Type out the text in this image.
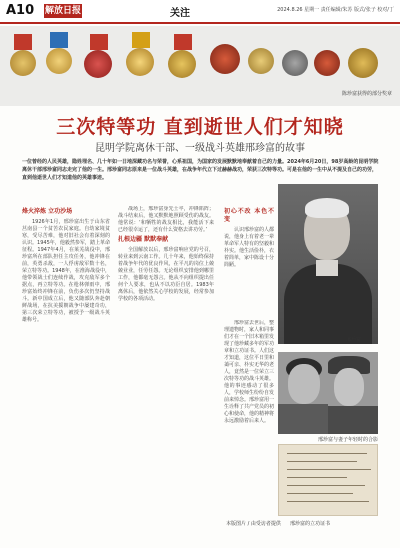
A10 解放日报	关注	2024.8.26 星期一 责任编辑/朱苏 版式/张子 校对/丁
陈珍富获得的部分奖章
三次特等功 直到逝世人们才知晓
昆明学院离休干部、一级战斗英雄邢珍富的故事
一位曾经的人民英雄，隐姓埋名、几十年如一日地深藏功名与荣誉，心系祖国，为国家的发展默默地奉献着自己的力量。2024年6月20日，98岁高龄的昆明学院离休干部邢珍富同志走完了他的一生。邢珍富同志原来是一位战斗英雄，在战争年代立下过赫赫战功，荣获三次特等功。可是在他的一生中从不提及自己的功劳，直到他逝世人们才知道他的英雄事迹。
烽火淬炼 立功沙场

1926年1月，邢珍富出生于山东省莒南县一个贫苦农民家庭。自幼家境贫寒，受尽苦难，他对旧社会有着深刻的认识。1945年，他毅然参军，踏上革命征程。1947年4月，在莱芜战役中，邢珍富所在部队担任主攻任务，他冲锋在前，英勇杀敌，一人俘虏敌军数十名，荣立特等功。1948年，在淮海战役中，他带领战士们连续作战，攻克敌军多个据点，再立特等功。在枪林弹雨中，邢珍富始终冲锋在前，负伤多次仍坚持战斗。新中国成立后，他又随部队奔赴朝鲜战场，在抗美援朝战争中屡建奇功，第三次荣立特等功，被授予一级战斗英雄称号。

战场上，邢珍富身先士卒，冲锋陷阵；战斗结束后，他又默默地照顾受伤的战友。他常说：‘和牺牲的战友相比，我能活下来已经很幸运了，还有什么资格去讲功劳。’

扎根边疆 默默奉献

全国解放以后，邢珍富响应党的号召，转业来到云南工作。几十年来，他始终保持着战争年代的优良作风，在平凡的岗位上兢兢业业，任劳任怨。无论组织安排他到哪里工作，他都毫无怨言。他从不向组织提出任何个人要求，也从不以功臣自居。1983年离休后，他依然关心学校的发展，经常参加学校的各项活动。

初心不改 本色不变

认识邢珍富的人都说，他身上有着老一辈革命军人特有的坚毅和朴实。他生活俭朴，衣着简单，家中陈设十分简陋。

邢珍富去世后，整理遗物时，家人和同事们才在一个旧木箱里发现了他珍藏多年的军功章和立功证书。人们这才知道，这位平日里和蔼可亲、朴实无华的老人，竟然是一位荣立三次特等功的战斗英雄。他的事迹感动了很多人，学校师生纷纷自发前来悼念。邢珍富用一生诠释了共产党员的初心和使命，他的精神将永远激励着后来人。

邢珍富
邢珍富与妻子年轻时的合影
邢珍富的立功证书
本版图片 / 由受访者提供
